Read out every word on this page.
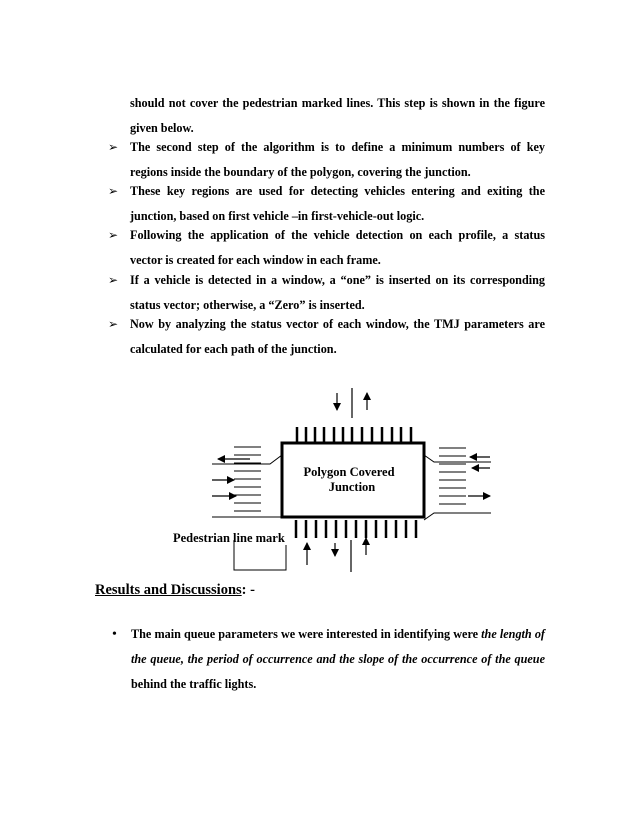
should not cover the pedestrian marked lines. This step is shown in the figure given below.

➢ The second step of the algorithm is to define a minimum numbers of key regions inside the boundary of the polygon, covering the junction.
➢ These key regions are used for detecting vehicles entering and exiting the junction, based on first vehicle –in first-vehicle-out logic.
➢ Following the application of the vehicle detection on each profile, a status vector is created for each window in each frame.
➢ If a vehicle is detected in a window, a “one” is inserted on its corresponding status vector; otherwise, a “Zero” is inserted.
➢ Now by analyzing the status vector of each window, the TMJ parameters are calculated for each path of the junction.
Polygon Covered
Junction
Pedestrian line mark
Results and Discussions: -
• The main queue parameters we were interested in identifying were the length of the queue, the period of occurrence and the slope of the occurrence of the queue behind the traffic lights.
